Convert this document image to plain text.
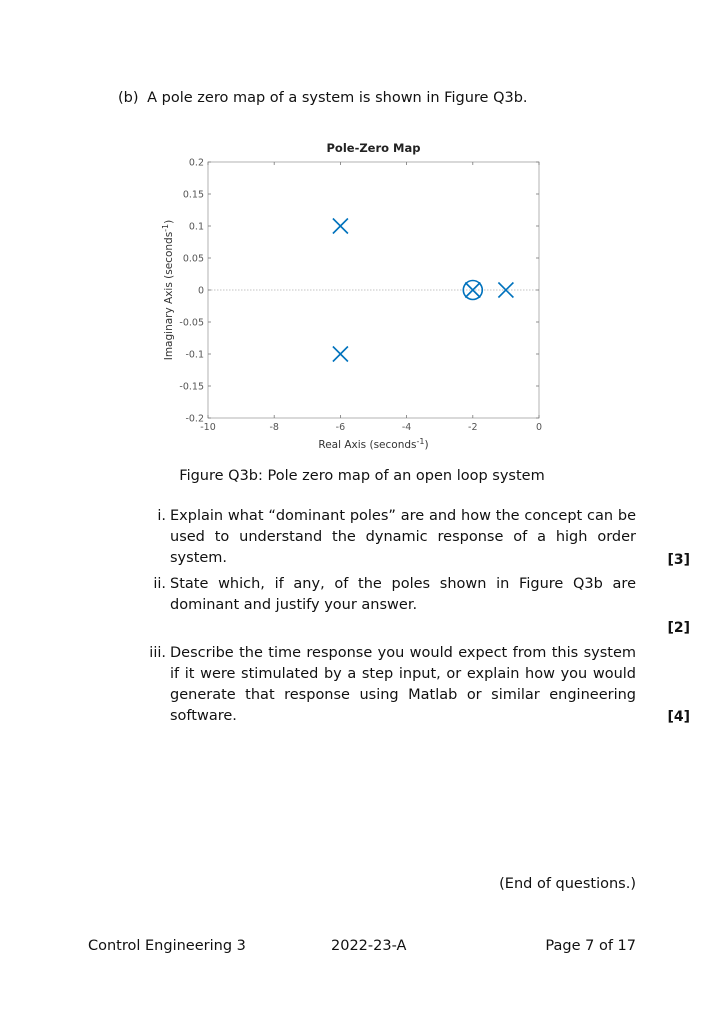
(b) A pole zero map of a system is shown in Figure Q3b.
Pole-Zero Map
-10	-8	-6	-4	-2	0
0.2
0.15
0.1
0.05
0
-0.05
-0.1
-0.15
-0.2
Real Axis (seconds$^{-1}$)
Imaginary Axis (seconds$^{-1}$)
Figure Q3b: Pole zero map of an open loop system
i. Explain what “dominant poles” are and how the concept can be used to understand the dynamic response of a high order system.	[3]
ii. State which, if any, of the poles shown in Figure Q3b are dominant and justify your answer.
[2]
iii. Describe the time response you would expect from this system if it were stimulated by a step input, or explain how you would generate that response using Matlab or similar engineering software.	[4]
(End of questions.)
Control Engineering 3	2022-23-A	Page 7 of 17
